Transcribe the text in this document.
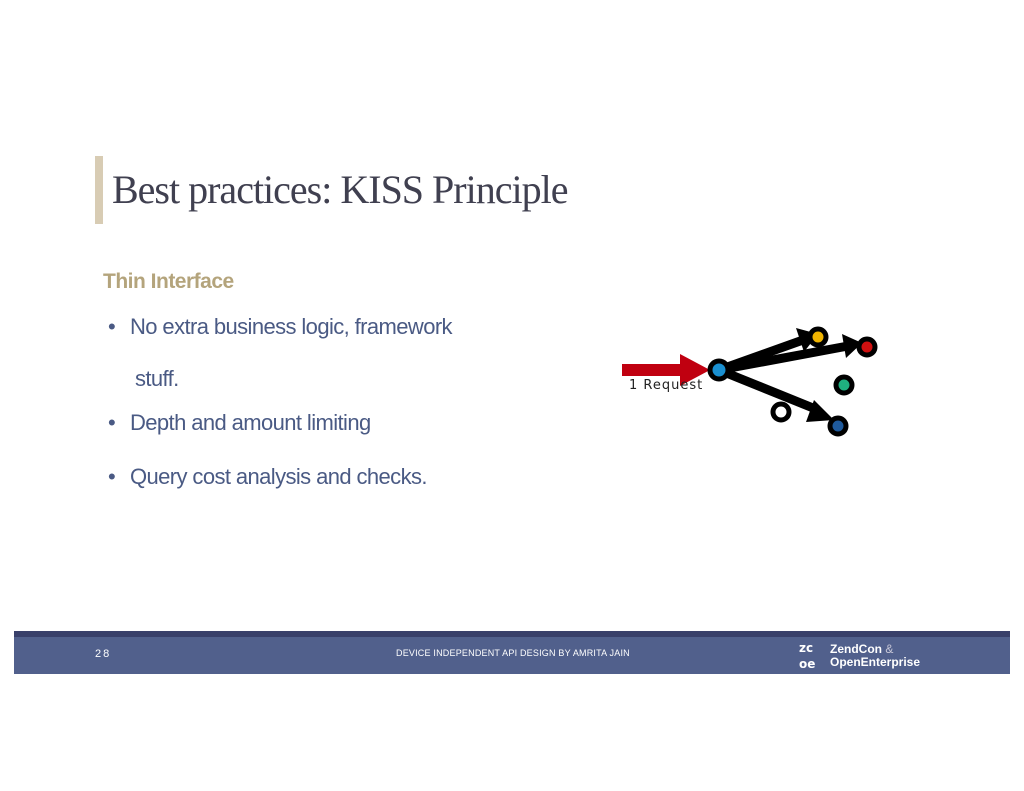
Best practices: KISS Principle
Thin Interface
• No extra business logic, framework
stuff.
• Depth and amount limiting
• Query cost analysis and checks.
1 Request
28	DEVICE INDEPENDENT API DESIGN BY AMRITA JAIN	zc
oe
ZendCon &
OpenEnterprise
